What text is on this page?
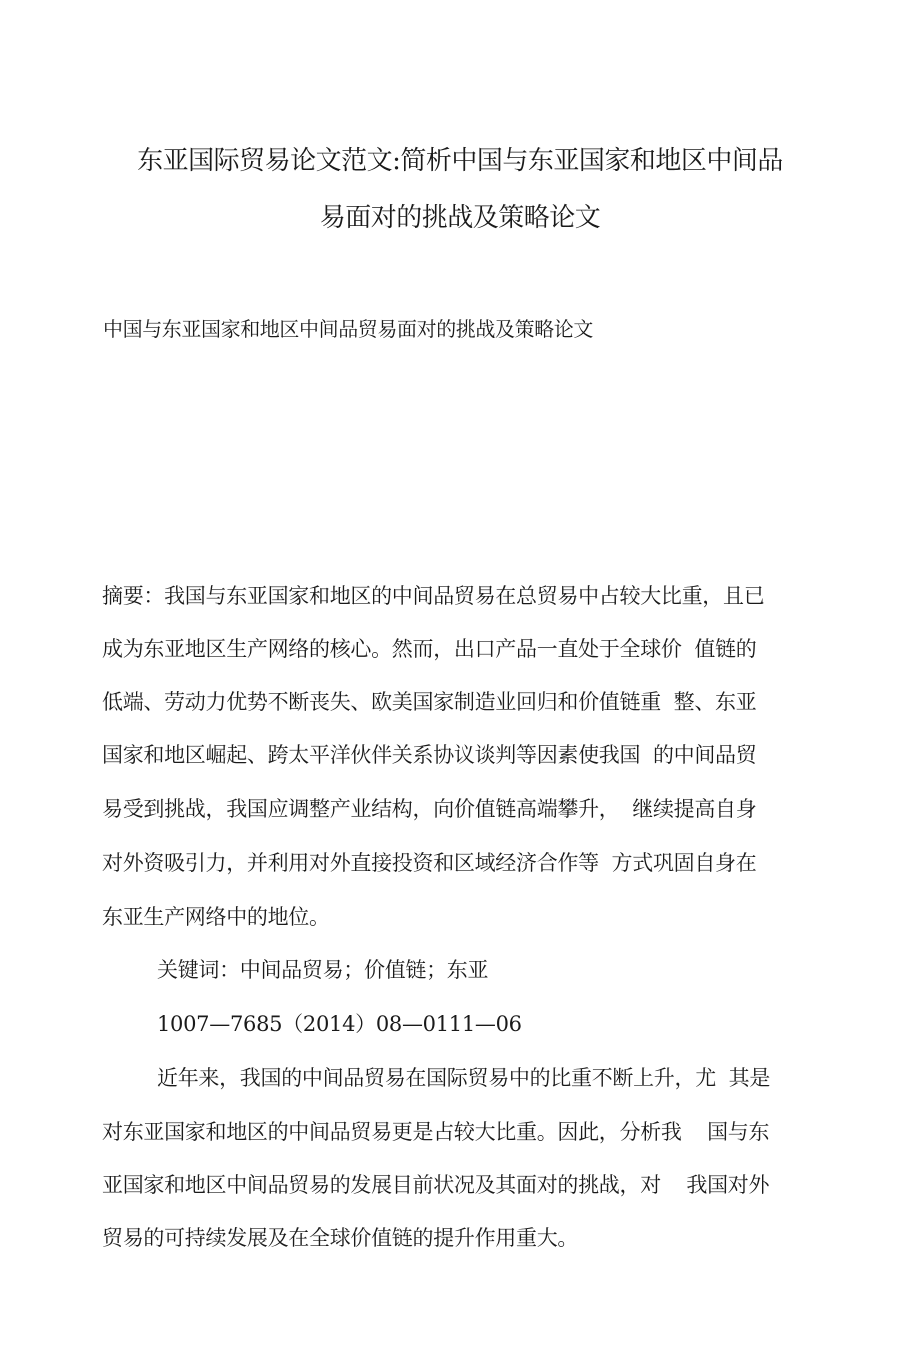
东亚国际贸易论文范文:简析中国与东亚国家和地区中间品
易面对的挑战及策略论文
中国与东亚国家和地区中间品贸易面对的挑战及策略论文
摘要：我国与东亚国家和地区的中间品贸易在总贸易中占较大比重，且已
成为东亚地区生产网络的核心。然而，出口产品一直处于全球价  值链的
低端、劳动力优势不断丧失、欧美国家制造业回归和价值链重  整、东亚
国家和地区崛起、跨太平洋伙伴关系协议谈判等因素使我国  的中间品贸
易受到挑战，我国应调整产业结构，向价值链高端攀升，  继续提高自身
对外资吸引力，并利用对外直接投资和区域经济合作等  方式巩固自身在
东亚生产网络中的地位。
关键词：中间品贸易；价值链；东亚
1007—7685（2014）08—0111—06
近年来，我国的中间品贸易在国际贸易中的比重不断上升，尤  其是
对东亚国家和地区的中间品贸易更是占较大比重。因此，分析我    国与东
亚国家和地区中间品贸易的发展目前状况及其面对的挑战，对    我国对外
贸易的可持续发展及在全球价值链的提升作用重大。
